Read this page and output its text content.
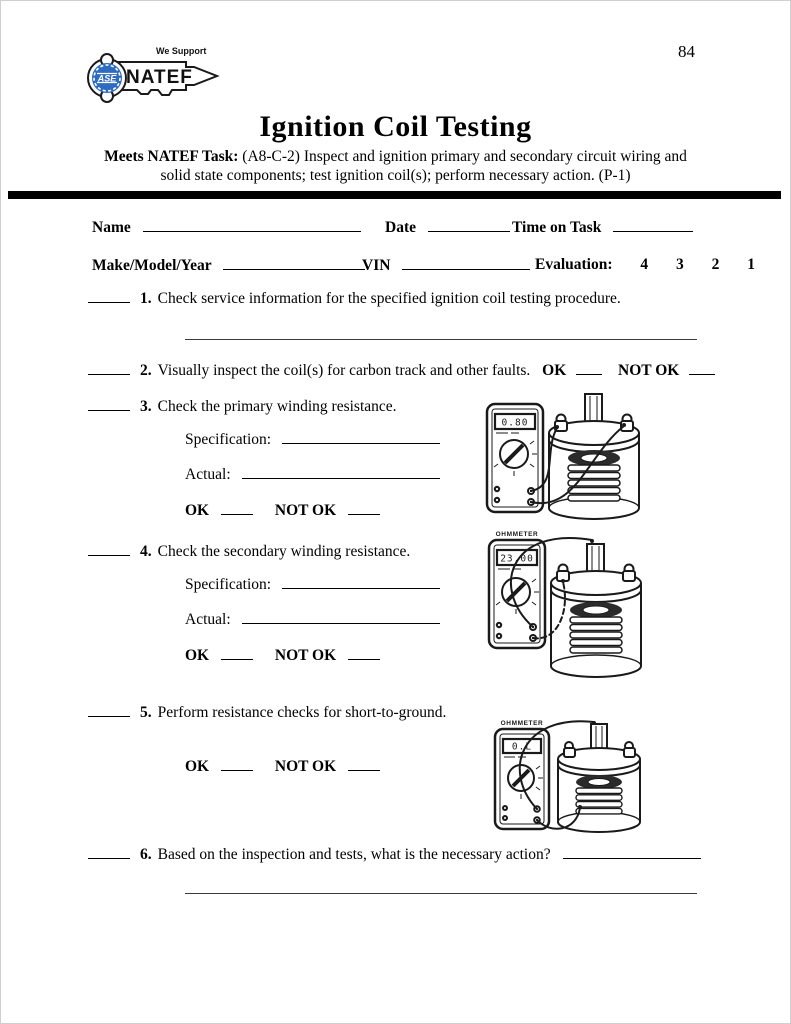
We Support
ASE NATEF
84
Ignition Coil Testing
Meets NATEF Task: (A8-C-2) Inspect and ignition primary and secondary circuit wiring and
solid state components; test ignition coil(s); perform necessary action. (P-1)
Name	Date	Time on Task
Make/Model/Year	VIN	Evaluation: 4 3 2 1
1. Check service information for the specified ignition coil testing procedure.
2. Visually inspect the coil(s) for carbon track and other faults. OK	NOT OK
3. Check the primary winding resistance.
Specification:
Actual:
OK	NOT OK
0.80
4. Check the secondary winding resistance.
Specification:
Actual:
OK	NOT OK
OHMMETER
23.00
5. Perform resistance checks for short-to-ground.
OK	NOT OK
OHMMETER
0.L
6. Based on the inspection and tests, what is the necessary action?
